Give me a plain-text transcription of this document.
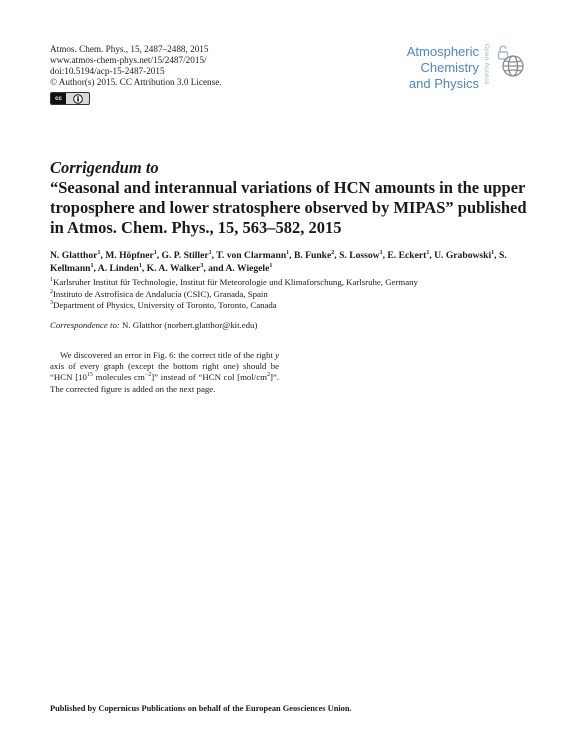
Atmos. Chem. Phys., 15, 2487–2488, 2015
www.atmos-chem-phys.net/15/2487/2015/
doi:10.5194/acp-15-2487-2015
© Author(s) 2015. CC Attribution 3.0 License.
cc
Atmospheric
Chemistry
and Physics Open Access
Corrigendum to
“Seasonal and interannual variations of HCN amounts in the upper troposphere and lower stratosphere observed by MIPAS” published in Atmos. Chem. Phys., 15, 563–582, 2015
N. Glatthor$^1$, M. Höpfner$^1$, G. P. Stiller$^1$, T. von Clarmann$^1$, B. Funke$^2$, S. Lossow$^1$, E. Eckert$^1$, U. Grabowski$^1$, S. Kellmann$^1$, A. Linden$^1$, K. A. Walker$^3$, and A. Wiegele$^1$
$^1$Karlsruher Institut für Technologie, Institut für Meteorologie und Klimaforschung, Karlsruhe, Germany
$^2$Instituto de Astrofísica de Andalucía (CSIC), Granada, Spain
$^3$Department of Physics, University of Toronto, Toronto, Canada
Correspondence to: N. Glatthor (norbert.glatthor@kit.edu)
We discovered an error in Fig. 6: the correct title of the right y axis of every graph (except the bottom right one) should be “HCN [$10^{15}$ molecules $cm^{-2}$]” instead of “HCN col $[mol/cm^2]$”. The corrected figure is added on the next page.
Published by Copernicus Publications on behalf of the European Geosciences Union.
